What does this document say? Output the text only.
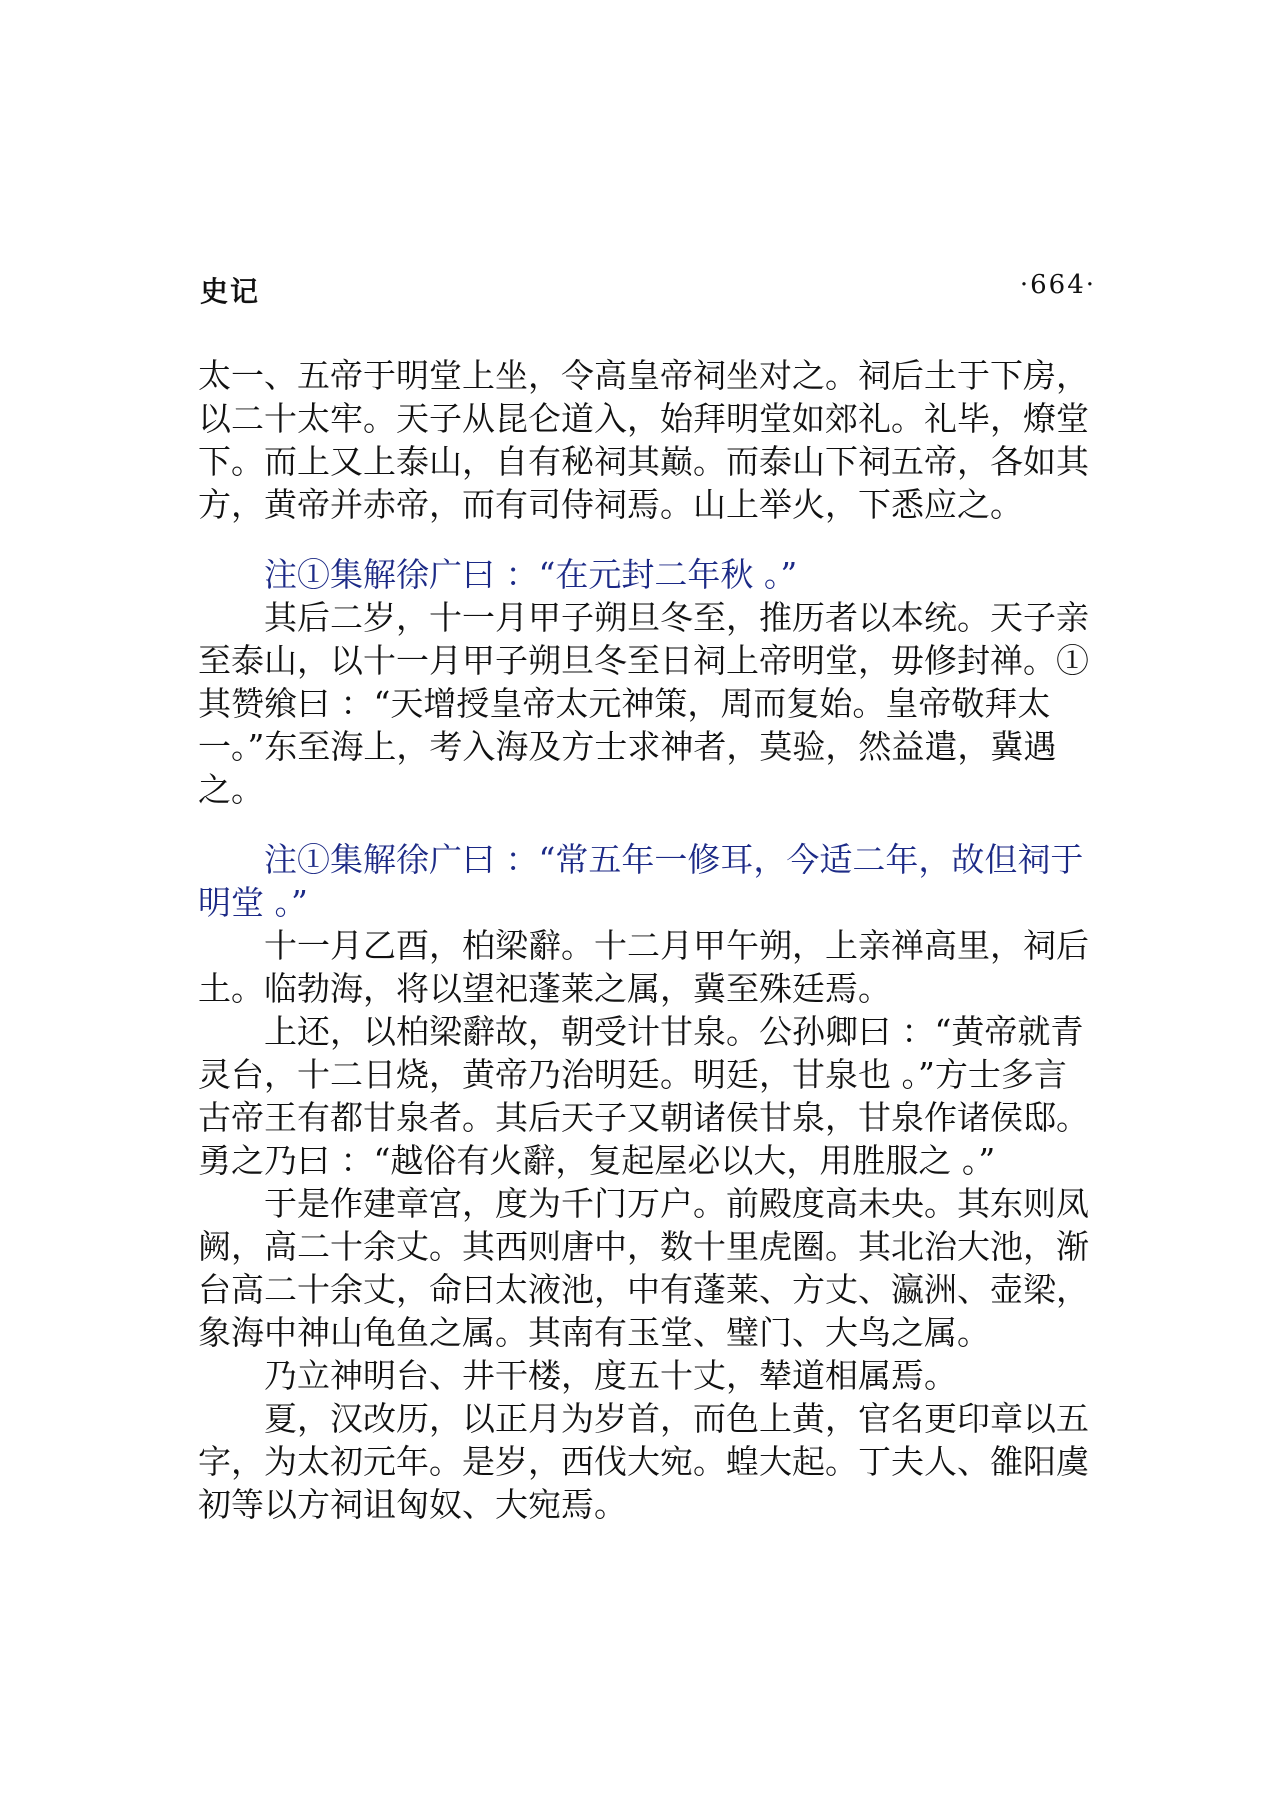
史记	·664·

太一、五帝于明堂上坐，令高皇帝祠坐对之。祠后土于下房，以二十太牢。天子从昆仑道入，始拜明堂如郊礼。礼毕，燎堂下。而上又上泰山，自有秘祠其巅。而泰山下祠五帝，各如其方，黄帝并赤帝，而有司侍祠焉。山上举火，下悉应之。

注①集解徐广曰 ：“在元封二年秋 。”

其后二岁，十一月甲子朔旦冬至，推历者以本统。天子亲至泰山，以十一月甲子朔旦冬至日祠上帝明堂，毋修封禅。①其赞飨曰 ：“天增授皇帝太元神策，周而复始。皇帝敬拜太一。”东至海上，考入海及方士求神者，莫验，然益遣，冀遇之。

注①集解徐广曰 ：“常五年一修耳，今适二年，故但祠于明堂 。”

十一月乙酉，柏梁辭。十二月甲午朔，上亲禅高里，祠后土。临勃海，将以望祀蓬莱之属，冀至殊廷焉。

上还，以柏梁辭故，朝受计甘泉。公孙卿曰 ：“黄帝就青灵台，十二日烧，黄帝乃治明廷。明廷，甘泉也 。”方士多言古帝王有都甘泉者。其后天子又朝诸侯甘泉，甘泉作诸侯邸。勇之乃曰 ：“越俗有火辭，复起屋必以大，用胜服之 。”

于是作建章宫，度为千门万户。前殿度高未央。其东则凤阙，高二十余丈。其西则唐中，数十里虎圈。其北治大池，渐台高二十余丈，命曰太液池，中有蓬莱、方丈、瀛洲、壶梁，象海中神山龟鱼之属。其南有玉堂、璧门、大鸟之属。

乃立神明台、井干楼，度五十丈，辇道相属焉。

夏，汉改历，以正月为岁首，而色上黄，官名更印章以五字，为太初元年。是岁，西伐大宛。蝗大起。丁夫人、雒阳虞初等以方祠诅匈奴、大宛焉。
